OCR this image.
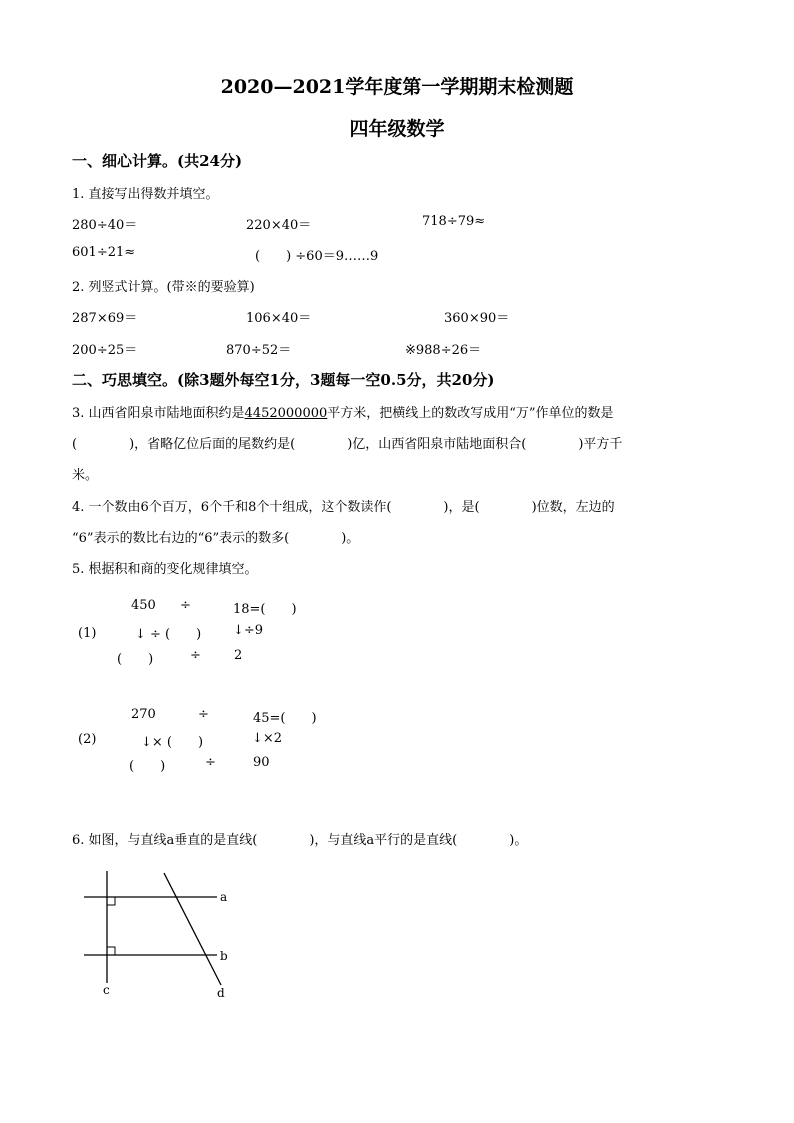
2020—2021学年度第一学期期末检测题
四年级数学
一、细心计算。(共24分)
1. 直接写出得数并填空。
280÷40＝	220×40＝	718÷79≈
601÷21≈	(　　) ÷60＝9……9
2. 列竖式计算。(带※的要验算)
287×69＝	106×40＝	360×90＝
200÷25＝	870÷52＝	※988÷26＝
二、巧思填空。(除3题外每空1分，3题每一空0.5分，共20分)
3. 山西省阳泉市陆地面积约是4452000000平方米，把横线上的数改写成用“万”作单位的数是
(　　　　)，省略亿位后面的尾数约是(　　　　)亿，山西省阳泉市陆地面积合(　　　　)平方千
米。
4. 一个数由6个百万，6个千和8个十组成，这个数读作(　　　　)，是(　　　　)位数，左边的
“6”表示的数比右边的“6”表示的数多(　　　　)。
5. 根据积和商的变化规律填空。
450 ÷	18=(　　)
(1)	↓ ÷ (　　) ↓÷9
(　　)	÷	2
270	÷	45=(　　)
(2)	↓× (　　)	↓×2
(　　)	÷	90
6. 如图，与直线a垂直的是直线(　　　　)，与直线a平行的是直线(　　　　)。
a
b
c	d
